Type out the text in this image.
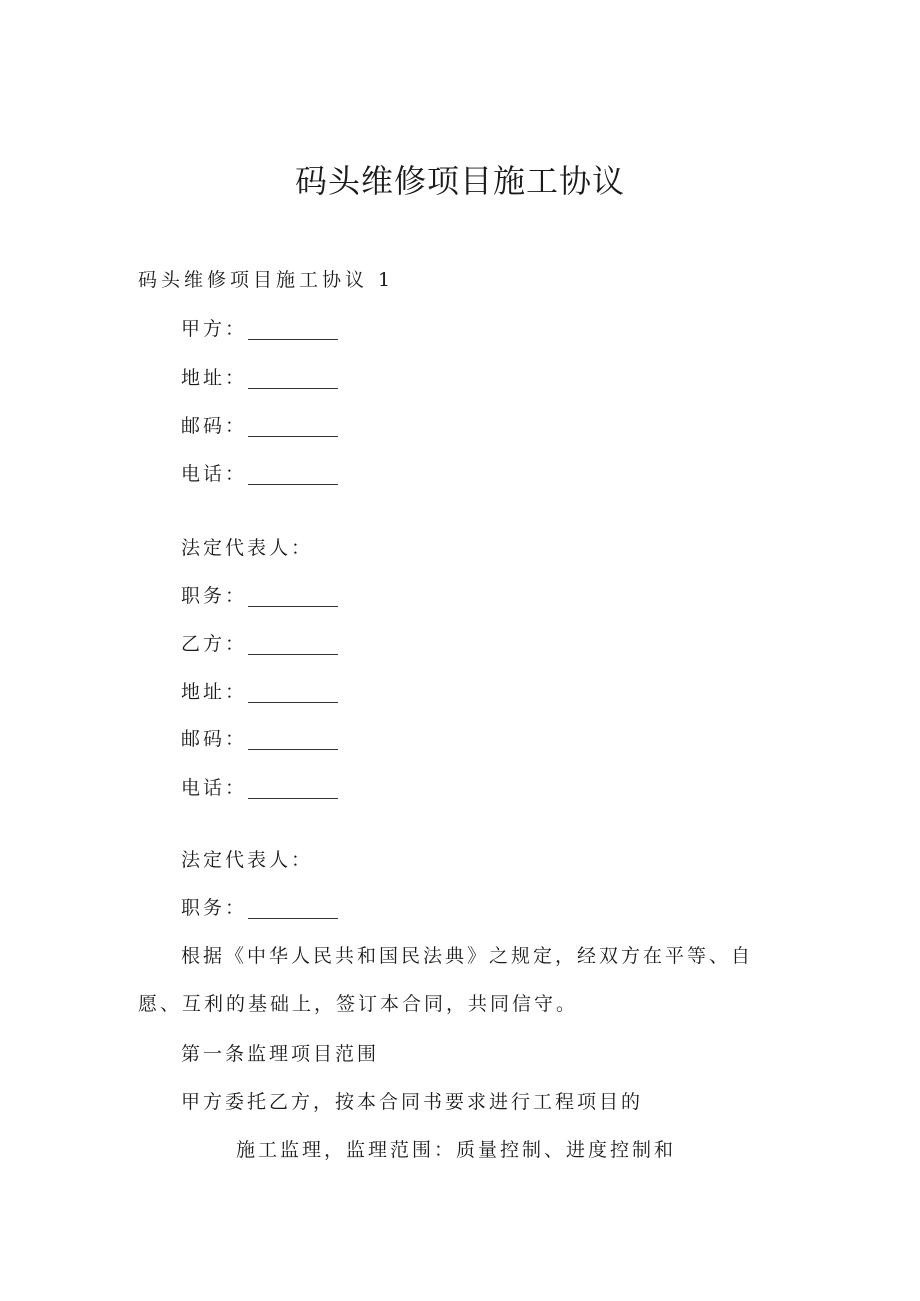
码头维修项目施工协议
码头维修项目施工协议 1
甲方：
地址：
邮码：
电话：
法定代表人：
职务：
乙方：
地址：
邮码：
电话：
法定代表人：
职务：

根据《中华人民共和国民法典》之规定，经双方在平等、自愿、互利的基础上，签订本合同，共同信守。

第一条监理项目范围
甲方委托乙方，按本合同书要求进行工程项目的
施工监理，监理范围：质量控制、进度控制和
